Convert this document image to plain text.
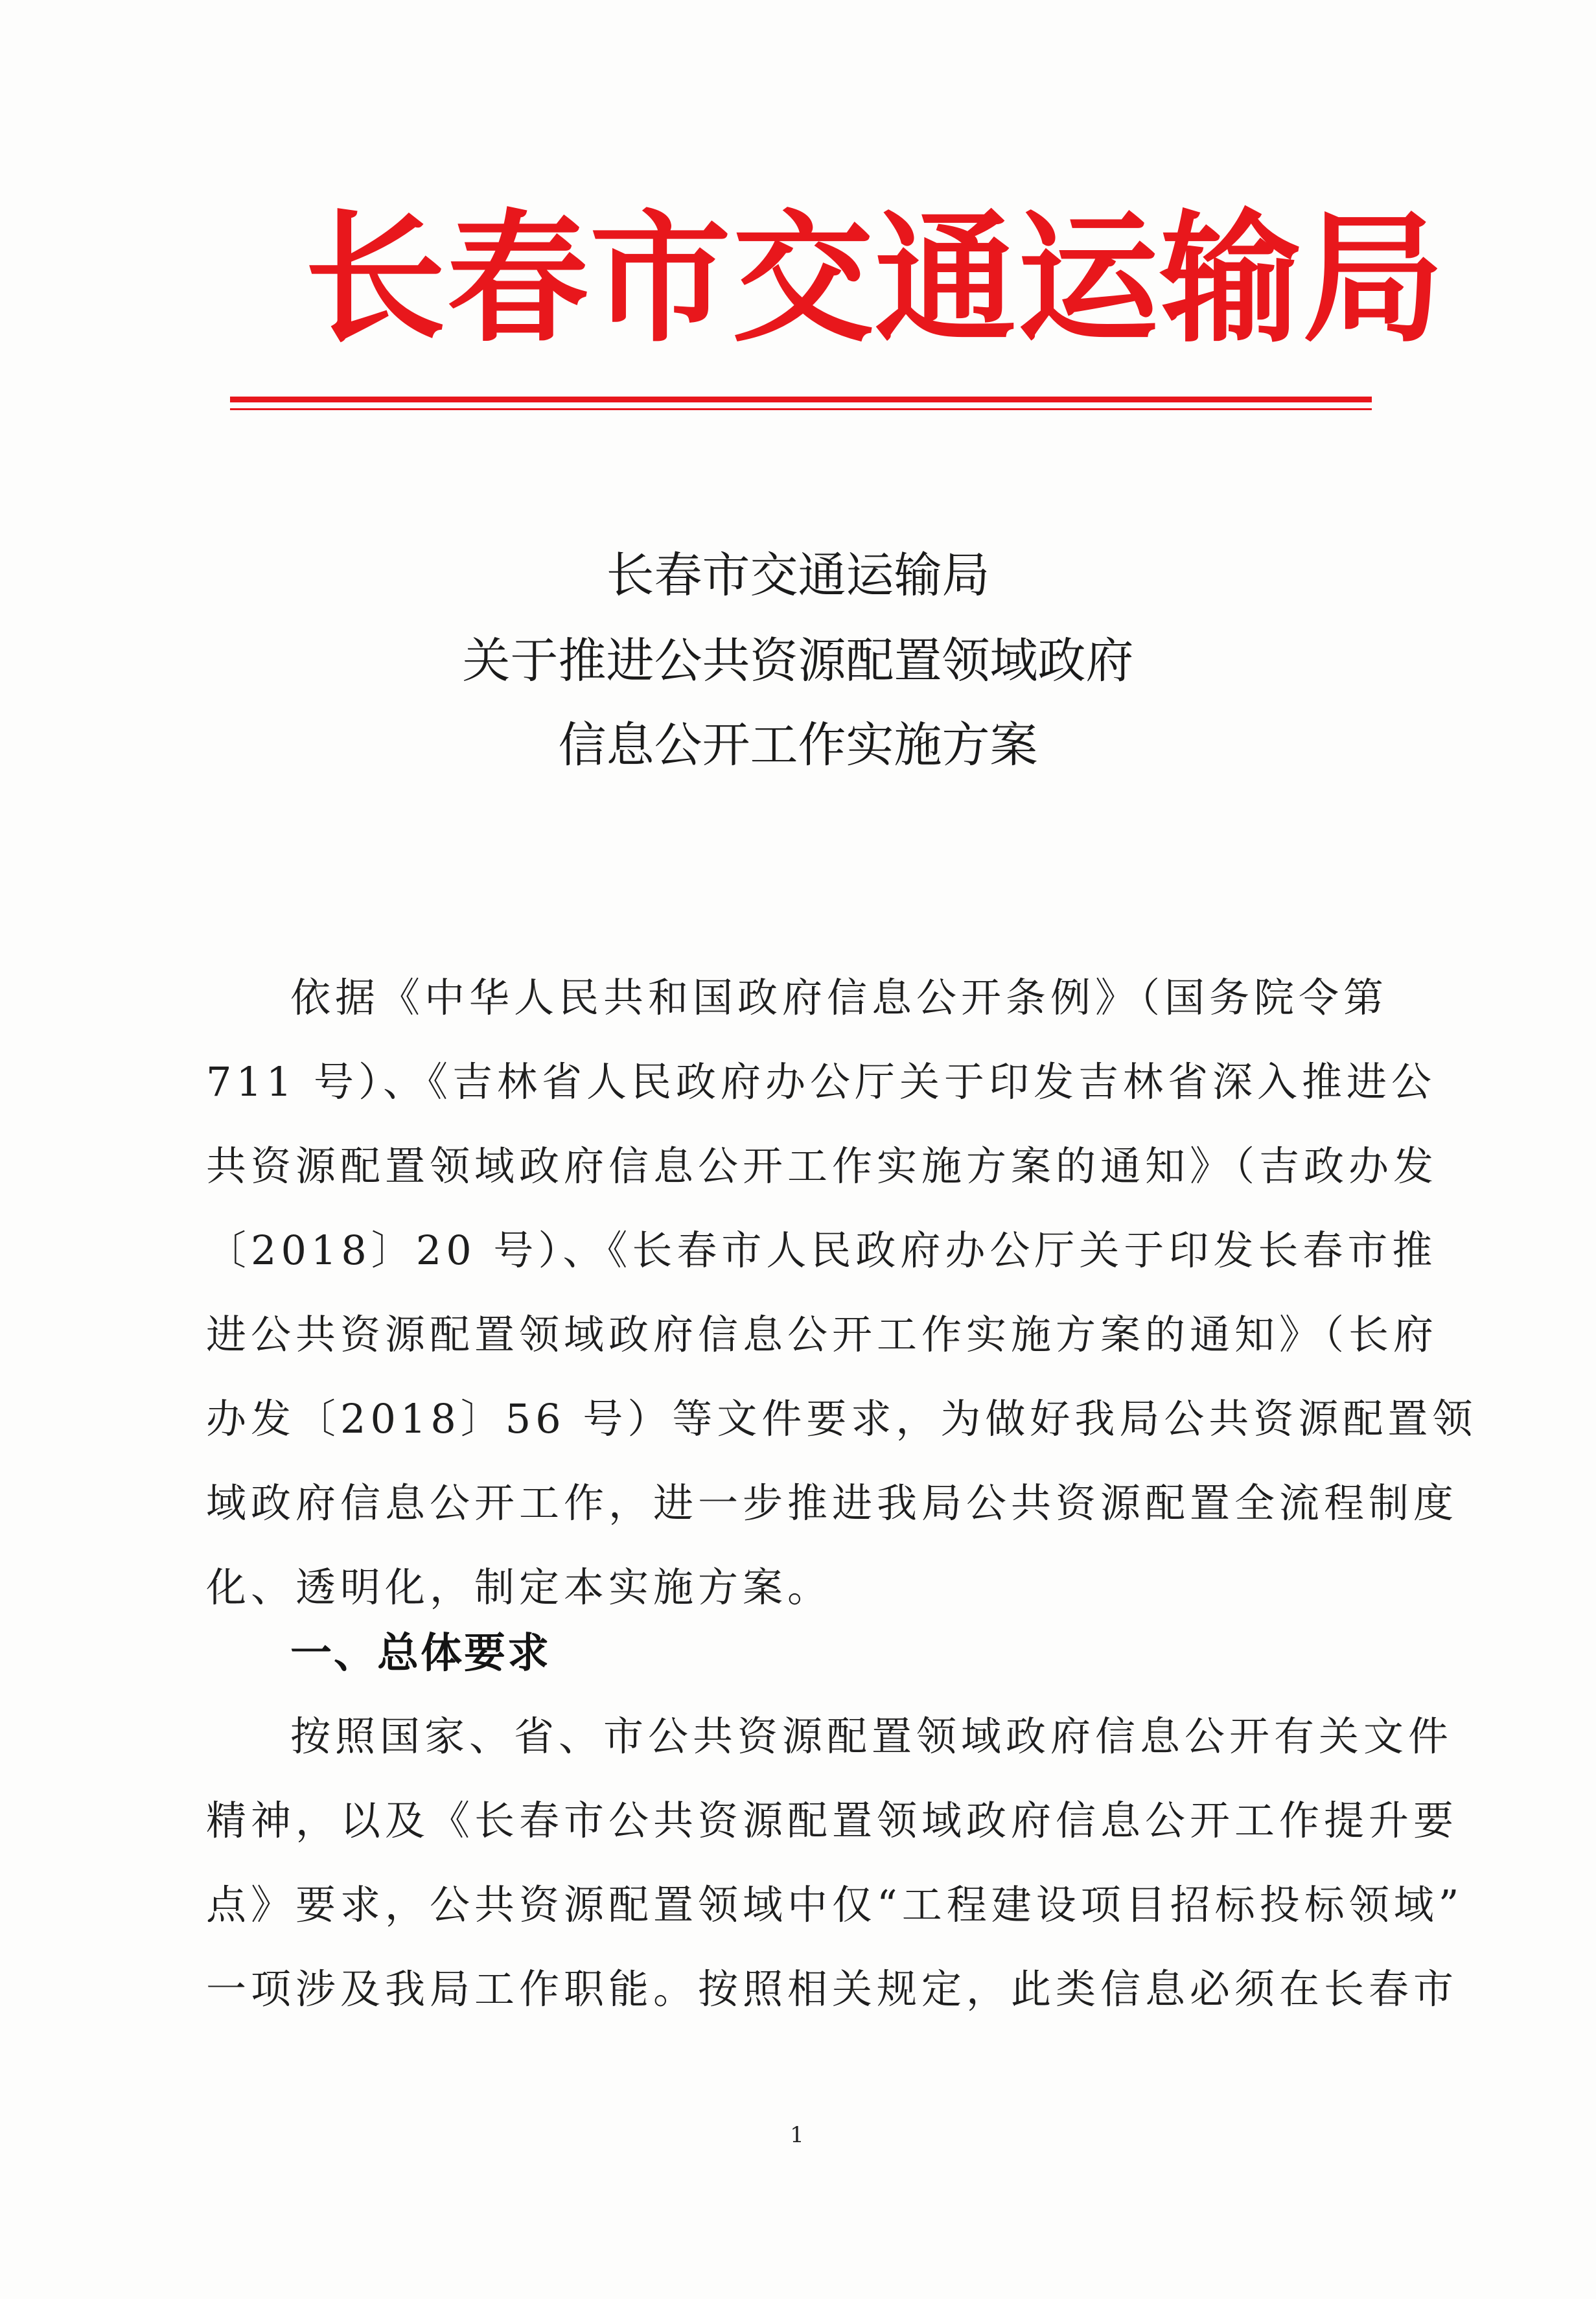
长春市交通运输局
长春市交通运输局
关于推进公共资源配置领域政府
信息公开工作实施方案
依据《中华人民共和国政府信息公开条例》（国务院令第
711 号）、《吉林省人民政府办公厅关于印发吉林省深入推进公
共资源配置领域政府信息公开工作实施方案的通知》（吉政办发
〔2018〕20 号）、《长春市人民政府办公厅关于印发长春市推
进公共资源配置领域政府信息公开工作实施方案的通知》（长府
办发〔2018〕56 号）等文件要求，为做好我局公共资源配置领
域政府信息公开工作，进一步推进我局公共资源配置全流程制度
化、透明化，制定本实施方案。
一、总体要求
按照国家、省、市公共资源配置领域政府信息公开有关文件
精神，以及《长春市公共资源配置领域政府信息公开工作提升要
点》要求，公共资源配置领域中仅“工程建设项目招标投标领域”
一项涉及我局工作职能。按照相关规定，此类信息必须在长春市
1
